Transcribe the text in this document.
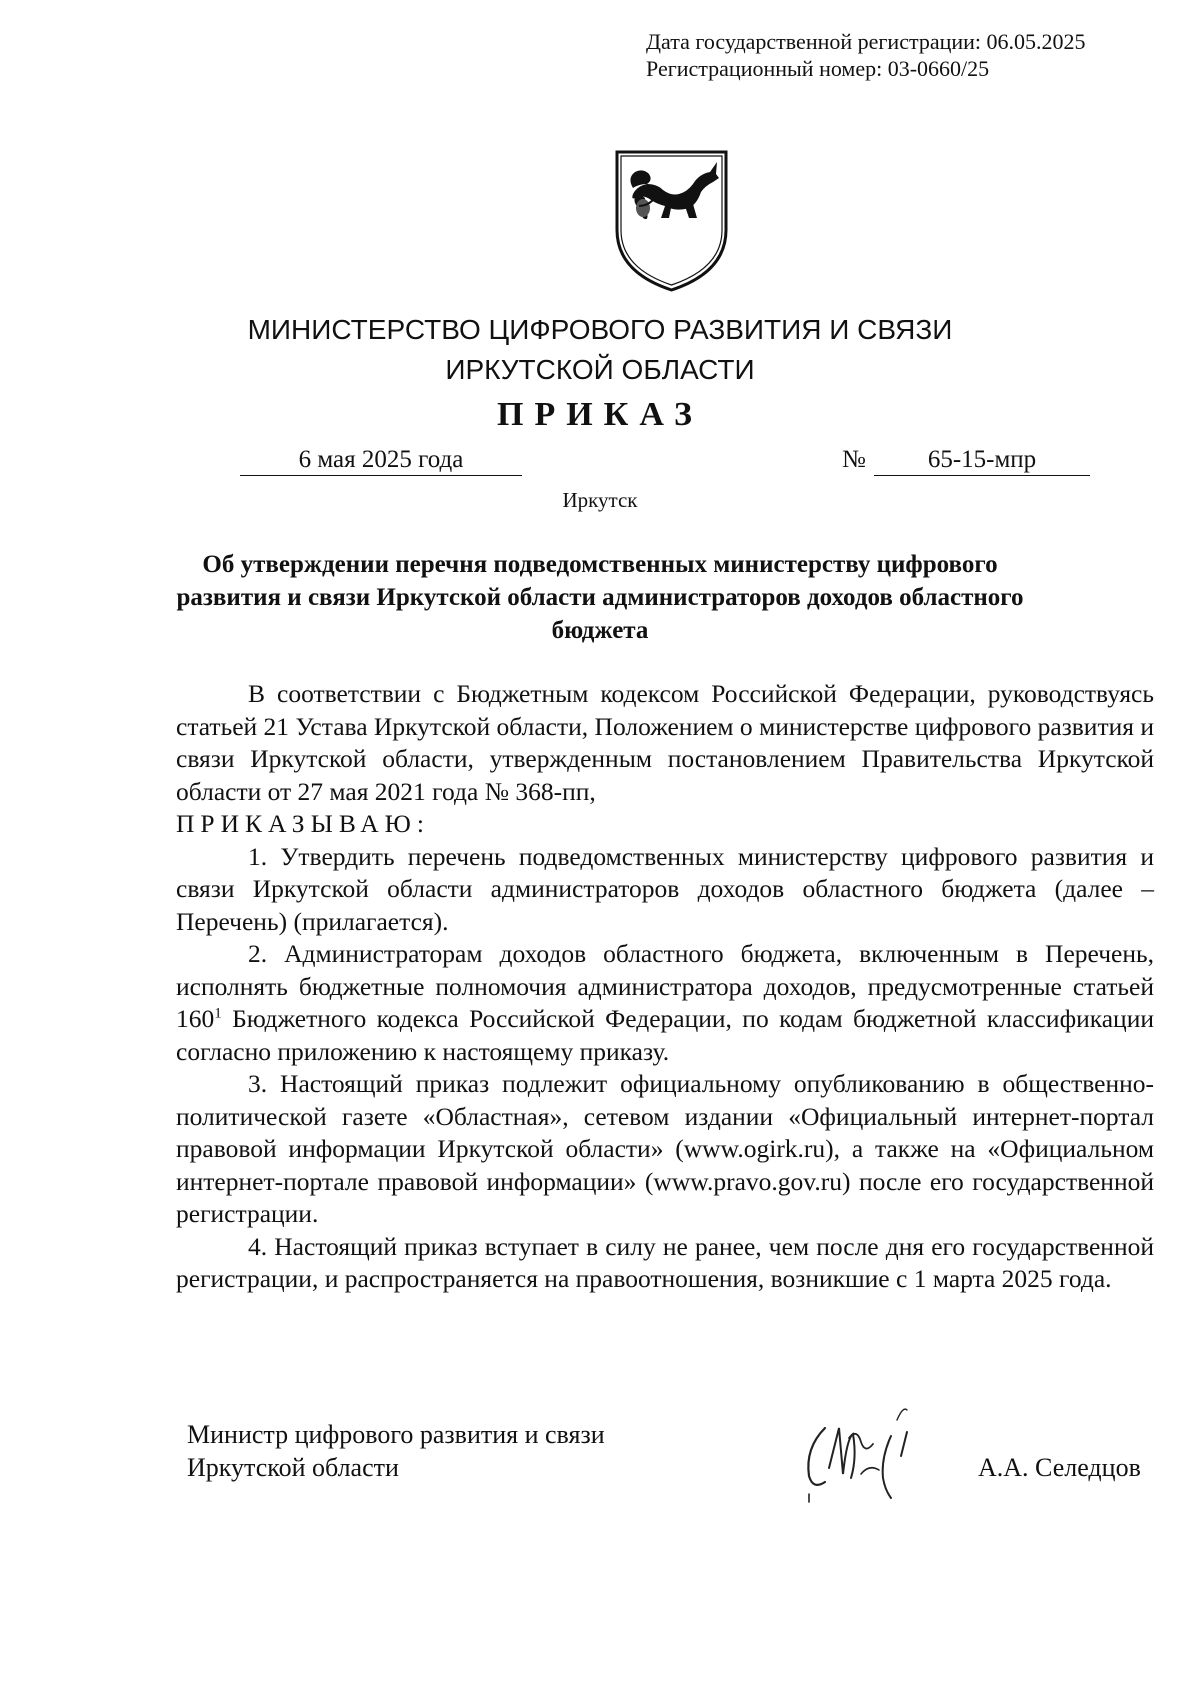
Дата государственной регистрации: 06.05.2025
Регистрационный номер: 03-0660/25
МИНИСТЕРСТВО ЦИФРОВОГО РАЗВИТИЯ И СВЯЗИ
ИРКУТСКОЙ ОБЛАСТИ
ПРИКАЗ
6 мая 2025 года	№	65-15-мпр
Иркутск
Об утверждении перечня подведомственных министерству цифрового развития и связи Иркутской области администраторов доходов областного бюджета

В соответствии с Бюджетным кодексом Российской Федерации, руководствуясь статьей 21 Устава Иркутской области, Положением о министерстве цифрового развития и связи Иркутской области, утвержденным постановлением Правительства Иркутской области от 27 мая 2021 года № 368-пп,

ПРИКАЗЫВАЮ:

1. Утвердить перечень подведомственных министерству цифрового развития и связи Иркутской области администраторов доходов областного бюджета (далее – Перечень) (прилагается).

2. Администраторам доходов областного бюджета, включенным в Перечень, исполнять бюджетные полномочия администратора доходов, предусмотренные статьей $160^1$ Бюджетного кодекса Российской Федерации, по кодам бюджетной классификации согласно приложению к настоящему приказу.

3. Настоящий приказ подлежит официальному опубликованию в общественно-политической газете «Областная», сетевом издании «Официальный интернет-портал правовой информации Иркутской области» (www.ogirk.ru), а также на «Официальном интернет-портале правовой информации» (www.pravo.gov.ru) после его государственной регистрации.

4. Настоящий приказ вступает в силу не ранее, чем после дня его государственной регистрации, и распространяется на правоотношения, возникшие с 1 марта 2025 года.

Министр цифрового развития и связи
Иркутской области	А.А. Селедцов
